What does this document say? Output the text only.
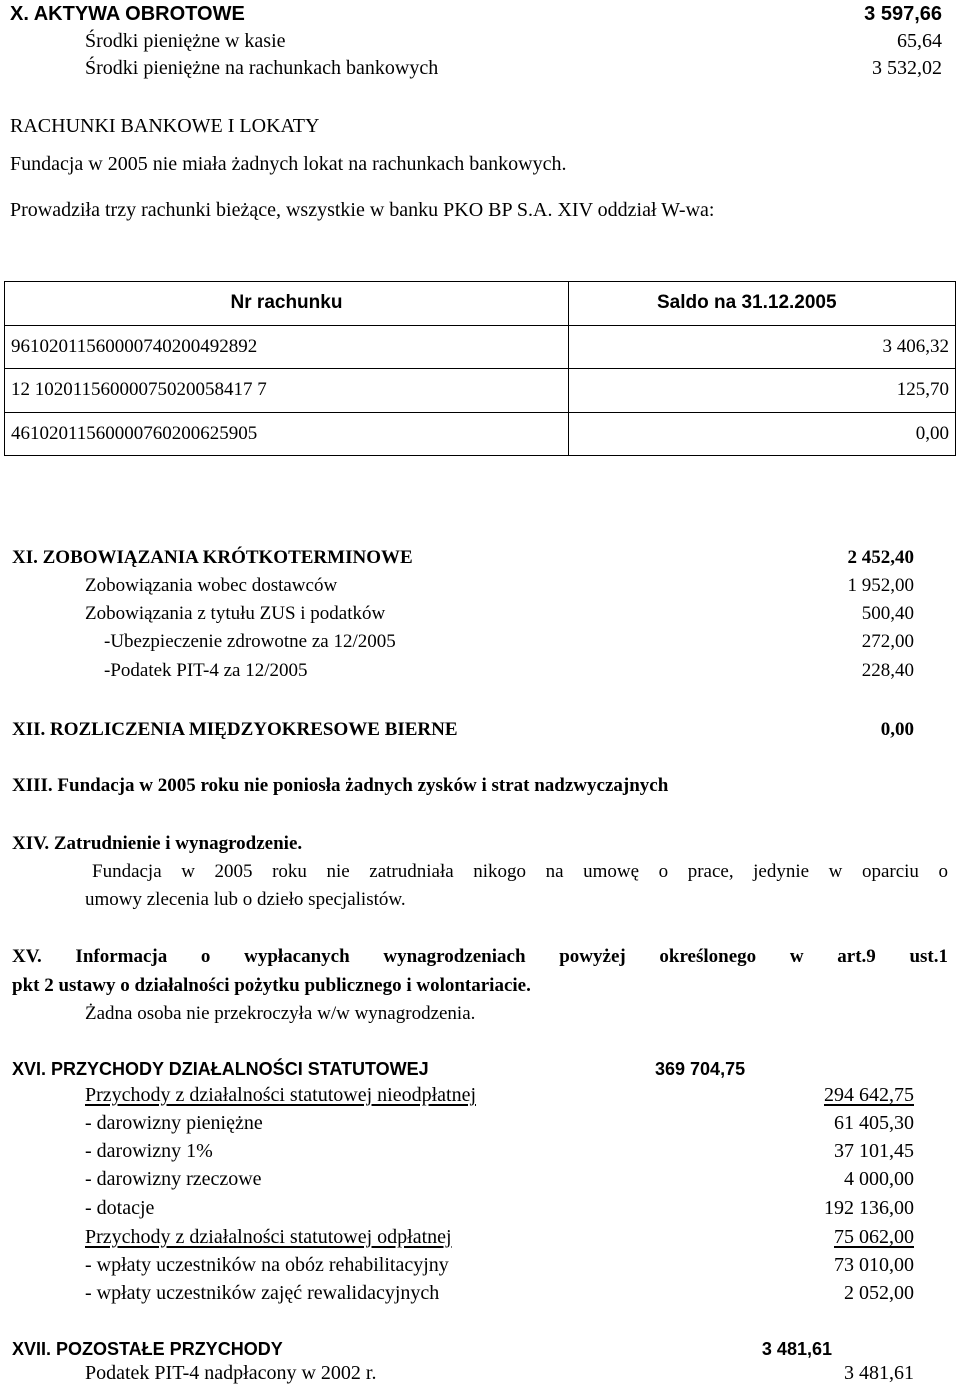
X. AKTYWA OBROTOWE	3 597,66
Środki pieniężne w kasie	65,64
Środki pieniężne na rachunkach bankowych	3 532,02
RACHUNKI BANKOWE I LOKATY
Fundacja w 2005 nie miała żadnych lokat na rachunkach bankowych.
Prowadziła trzy rachunki bieżące, wszystkie w banku PKO BP S.A. XIV oddział W-wa:
Nr rachunku	Saldo na 31.12.2005
96102011560000740200492892	3 406,32
12 10201156000075020058417 7	125,70
46102011560000760200625905	0,00
XI. ZOBOWIĄZANIA KRÓTKOTERMINOWE	2 452,40
Zobowiązania wobec dostawców	1 952,00
Zobowiązania z tytułu ZUS i podatków	500,40
-Ubezpieczenie zdrowotne za 12/2005	272,00
-Podatek PIT-4 za 12/2005	228,40
XII. ROZLICZENIA MIĘDZYOKRESOWE BIERNE	0,00
XIII. Fundacja w 2005 roku nie poniosła żadnych zysków i strat nadzwyczajnych
XIV. Zatrudnienie i wynagrodzenie.
Fundacja w 2005 roku nie zatrudniała nikogo na umowę o prace, jedynie w oparciu o
umowy zlecenia lub o dzieło specjalistów.
XV. Informacja o wypłacanych wynagrodzeniach powyżej określonego w art.9 ust.1
pkt 2 ustawy o działalności pożytku publicznego i wolontariacie.
Żadna osoba nie przekroczyła w/w wynagrodzenia.
XVI. PRZYCHODY DZIAŁALNOŚCI STATUTOWEJ	369 704,75
Przychody z działalności statutowej nieodpłatnej	294 642,75
- darowizny pieniężne	61 405,30
- darowizny 1%	37 101,45
- darowizny rzeczowe	4 000,00
- dotacje	192 136,00
Przychody z działalności statutowej odpłatnej	75 062,00
- wpłaty uczestników na obóz rehabilitacyjny	73 010,00
- wpłaty uczestników zajęć rewalidacyjnych	2 052,00
XVII. POZOSTAŁE PRZYCHODY	3 481,61
Podatek PIT-4 nadpłacony w 2002 r.	3 481,61
